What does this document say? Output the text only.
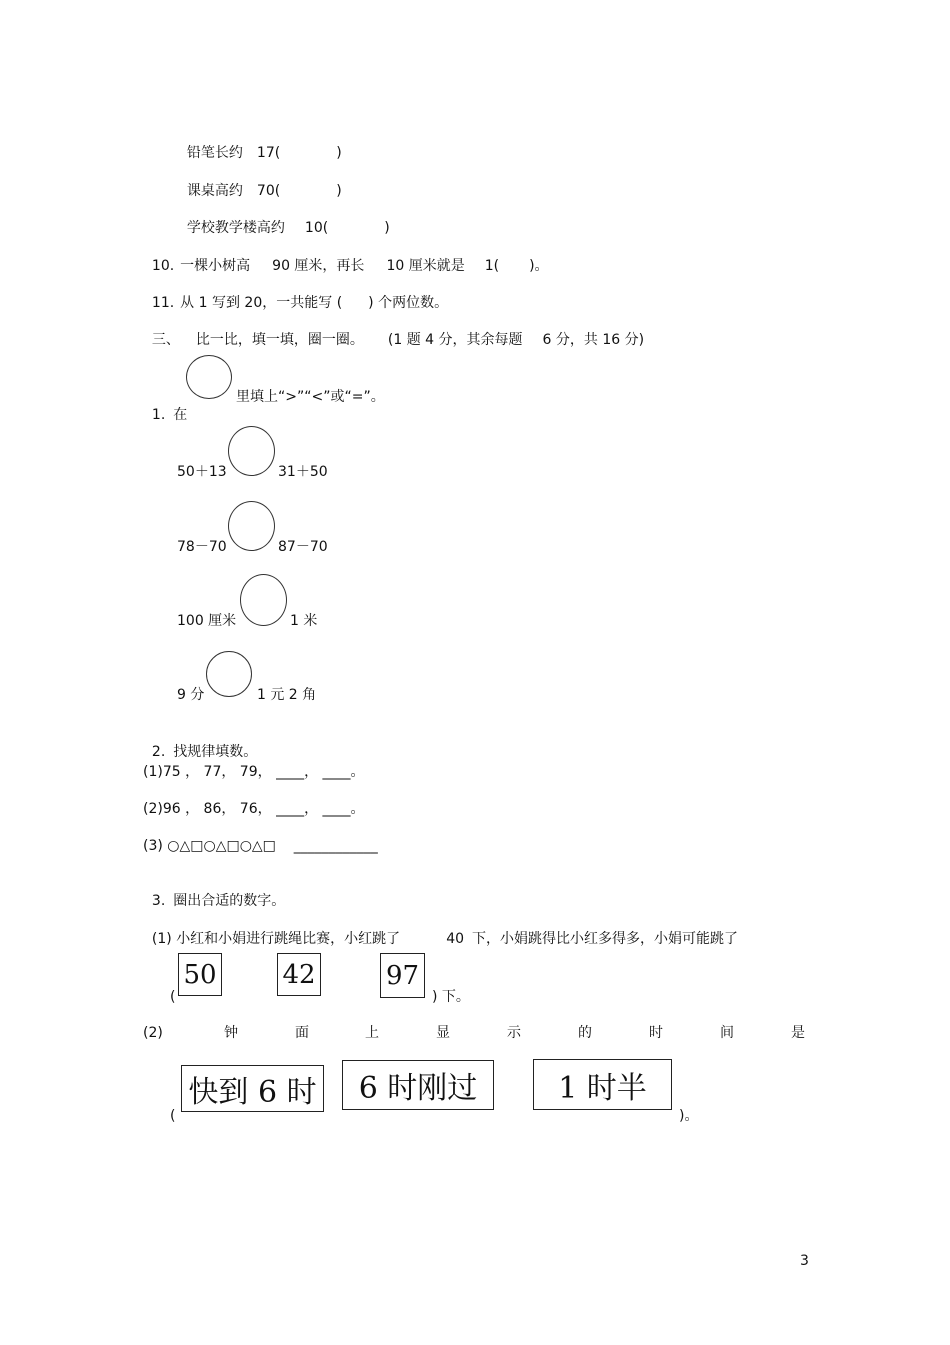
铅笔长约 17(	)

课桌高约 70(	)

学校教学楼高约 10(	)

10. 一棵小树高 90 厘米，再长 10 厘米就是 1( )。

11. 从 1 写到 20，一共能写 ( ) 个两位数。

三、 比一比，填一填，圈一圈。 (1 题 4 分，其余每题 6 分，共 16 分)

1. 在

里填上“>”“<”或“=”。
50＋13	31＋50
78－70	87－70
100 厘米	1 米
9 分	1 元 2 角

2. 找规律填数。

(1)75 ， 77， 79， ____， ____。
(2)96 ， 86， 76， ____， ____。
(3) ○△□○△□○△□    ____________

3. 圈出合适的数字。

(1) 小红和小娟进行跳绳比赛，小红跳了	40 下，小娟跳得比小红多得多，小娟可能跳了

(
50	42	97
) 下。
(2)

	钟

	面

	上

	显

	示

	的

	时

	间

	是

(
快到 6 时	6 时刚过	1 时半
)。
3
